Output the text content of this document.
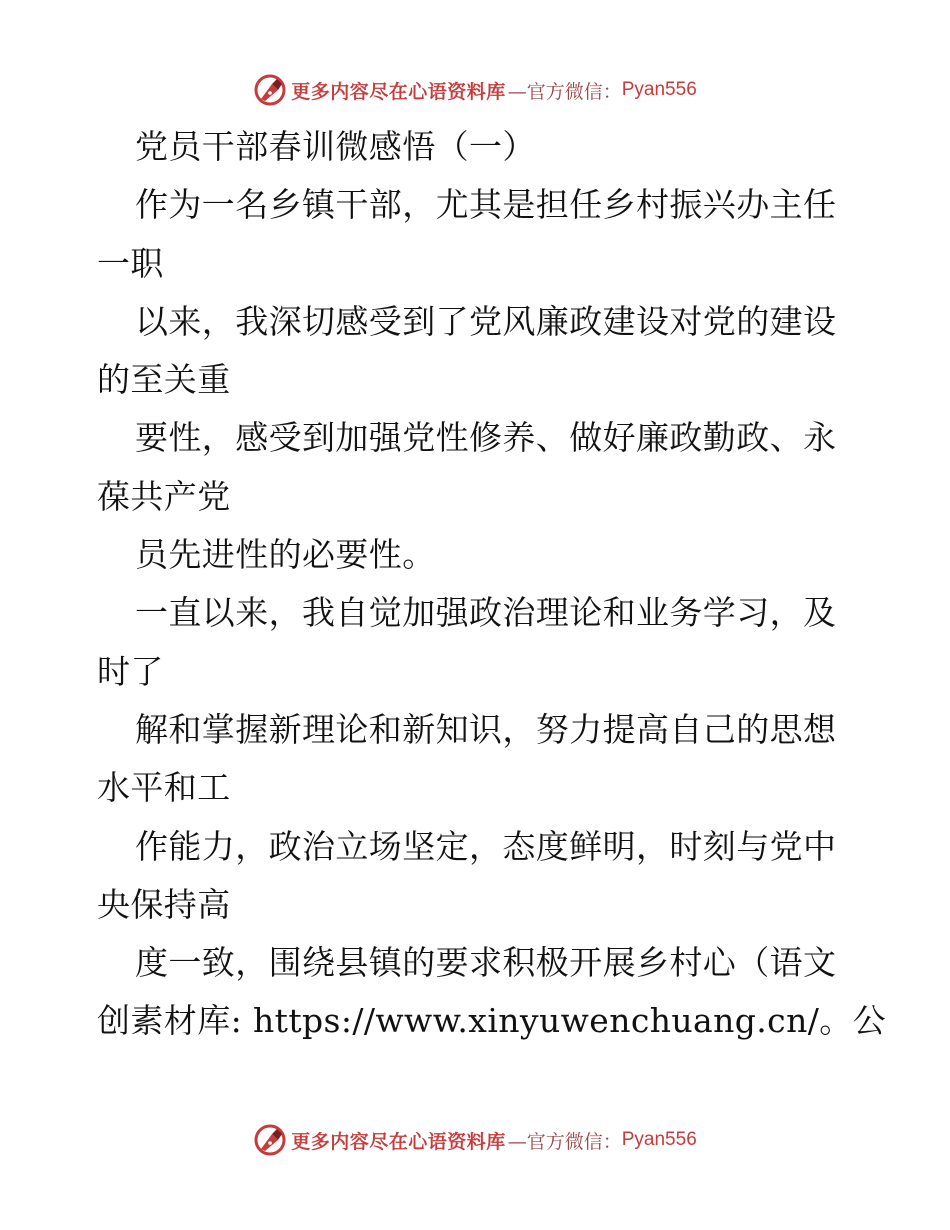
更多内容尽在心语资料库 —官方微信： Pyan556
党员干部春训微感悟（一）
作为一名乡镇干部，尤其是担任乡村振兴办主任
一职
以来，我深切感受到了党风廉政建设对党的建设
的至关重
要性，感受到加强党性修养、做好廉政勤政、永
葆共产党
员先进性的必要性。
一直以来，我自觉加强政治理论和业务学习，及
时了
解和掌握新理论和新知识，努力提高自己的思想
水平和工
作能力，政治立场坚定，态度鲜明，时刻与党中
央保持高
度一致，围绕县镇的要求积极开展乡村心（语文
创素材库: https://www.xinyuwenchuang.cn/。公
更多内容尽在心语资料库 —官方微信： Pyan556
